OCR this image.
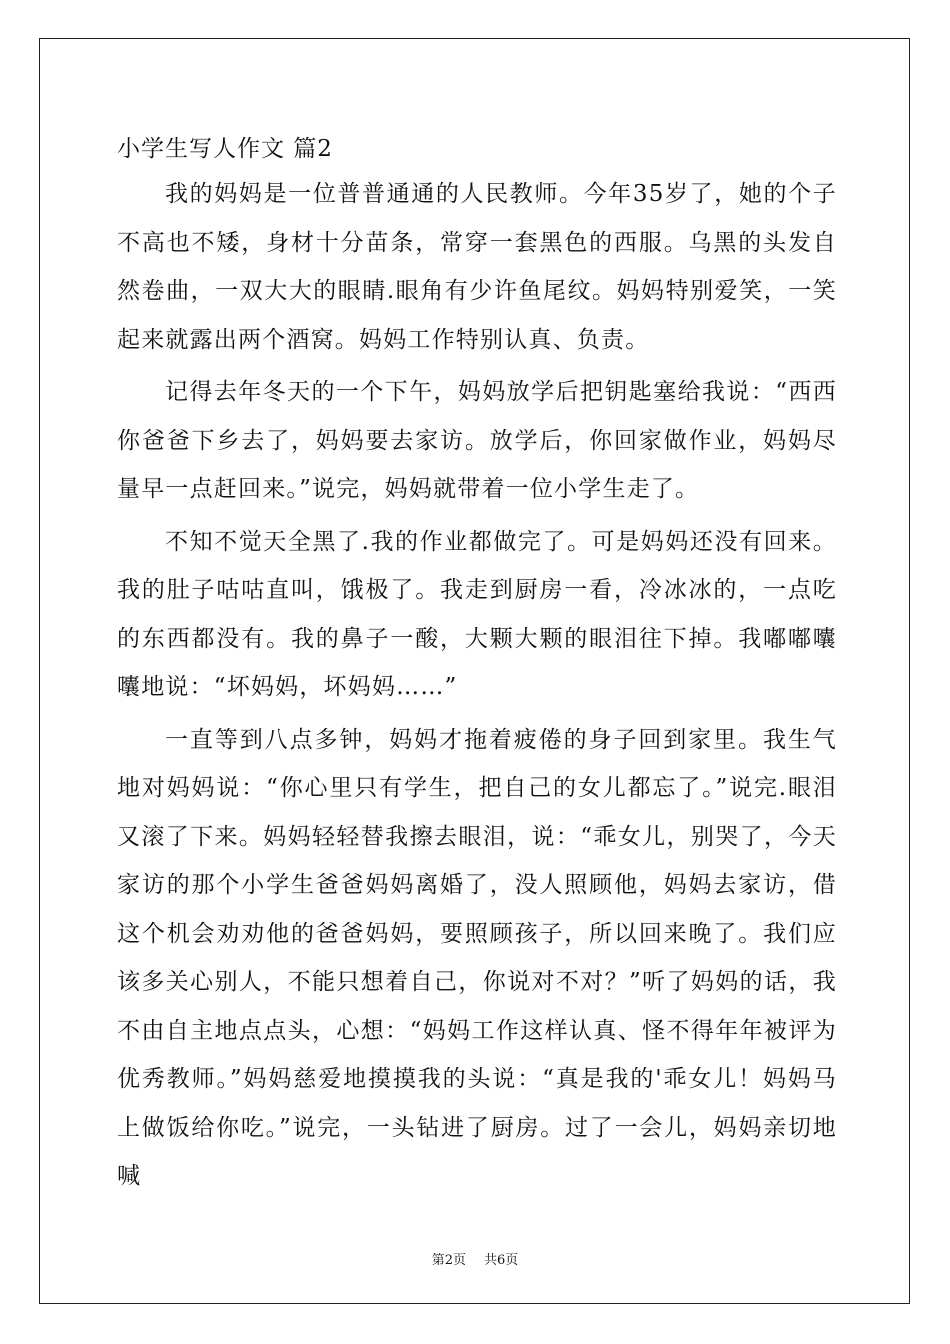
小学生写人作文 篇2

我的妈妈是一位普普通通的人民教师。今年35岁了，她的个子不高也不矮，身材十分苗条，常穿一套黑色的西服。乌黑的头发自然卷曲，一双大大的眼睛.眼角有少许鱼尾纹。妈妈特别爱笑，一笑起来就露出两个酒窝。妈妈工作特别认真、负责。

记得去年冬天的一个下午，妈妈放学后把钥匙塞给我说：“西西你爸爸下乡去了，妈妈要去家访。放学后，你回家做作业，妈妈尽量早一点赶回来。”说完，妈妈就带着一位小学生走了。

不知不觉天全黑了.我的作业都做完了。可是妈妈还没有回来。我的肚子咕咕直叫，饿极了。我走到厨房一看，冷冰冰的，一点吃的东西都没有。我的鼻子一酸，大颗大颗的眼泪往下掉。我嘟嘟囔囔地说：“坏妈妈，坏妈妈……”

一直等到八点多钟，妈妈才拖着疲倦的身子回到家里。我生气地对妈妈说：“你心里只有学生，把自己的女儿都忘了。”说完.眼泪又滚了下来。妈妈轻轻替我擦去眼泪，说：“乖女儿，别哭了，今天家访的那个小学生爸爸妈妈离婚了，没人照顾他，妈妈去家访，借这个机会劝劝他的爸爸妈妈，要照顾孩子，所以回来晚了。我们应该多关心别人，不能只想着自己，你说对不对？”听了妈妈的话，我不由自主地点点头，心想：“妈妈工作这样认真、怪不得年年被评为优秀教师。”妈妈慈爱地摸摸我的头说：“真是我的'乖女儿！妈妈马上做饭给你吃。”说完，一头钻进了厨房。过了一会儿，妈妈亲切地喊

第2页 共6页
